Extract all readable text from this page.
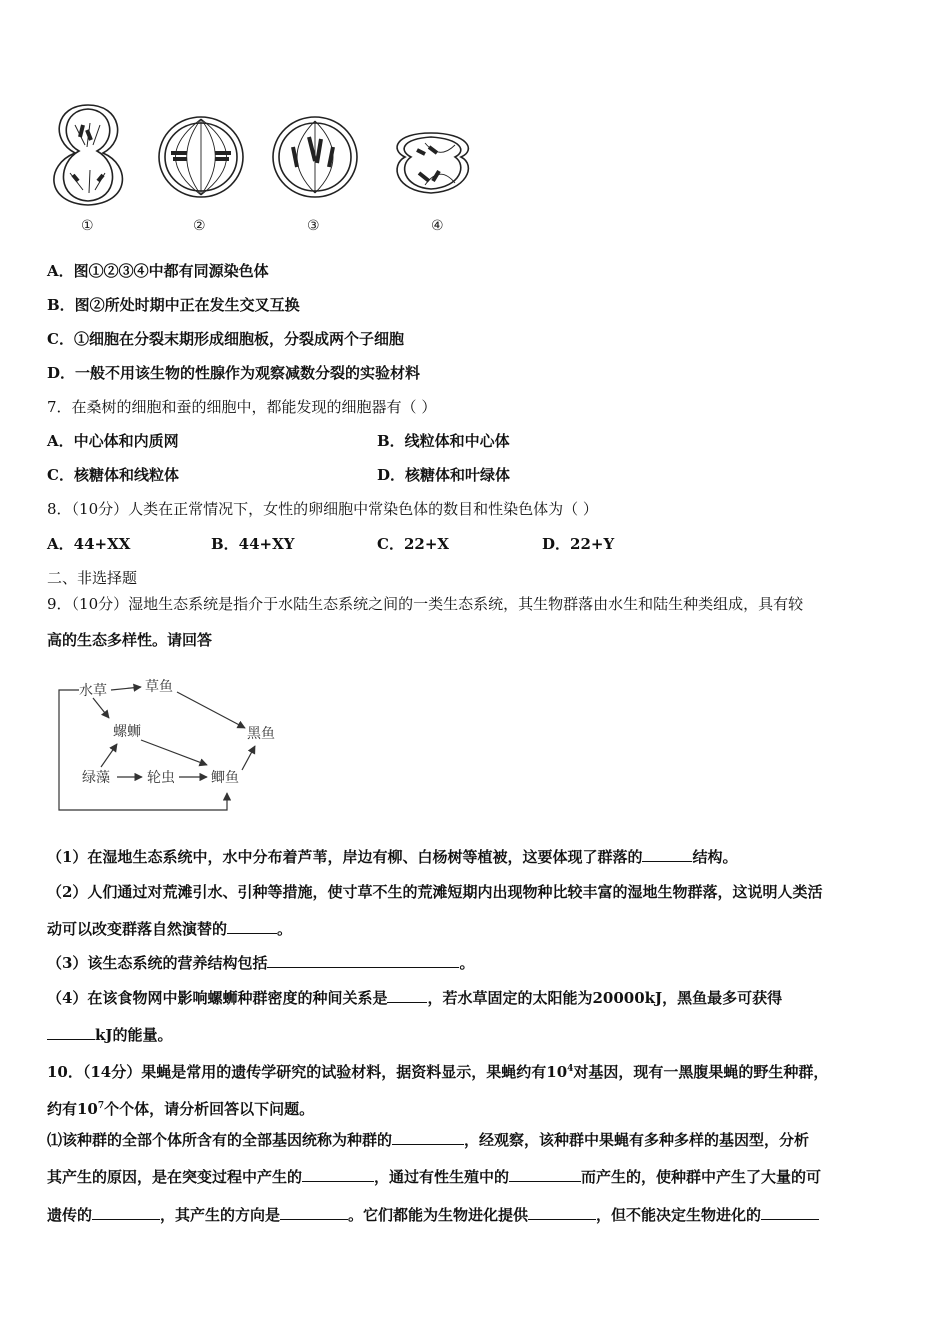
①	②	③	④
A．图①②③④中都有同源染色体
B．图②所处时期中正在发生交叉互换
C．①细胞在分裂末期形成细胞板，分裂成两个子细胞
D．一般不用该生物的性腺作为观察减数分裂的实验材料
7．在桑树的细胞和蚕的细胞中，都能发现的细胞器有（ ）
A．中心体和内质网	B．线粒体和中心体
C．核糖体和线粒体	D．核糖体和叶绿体
8．（10分）人类在正常情况下，女性的卵细胞中常染色体的数目和性染色体为（ ）
A．44+XX	B．44+XY	C．22+X	D．22+Y
二、非选择题
9．（10分）湿地生态系统是指介于水陆生态系统之间的一类生态系统，其生物群落由水生和陆生种类组成，具有较
高的生态多样性。请回答
水草	草鱼
螺蛳	黑鱼
绿藻	轮虫	鲫鱼
（1）在湿地生态系统中，水中分布着芦苇，岸边有柳、白杨树等植被，这要体现了群落的	结构。
（2）人们通过对荒滩引水、引种等措施，使寸草不生的荒滩短期内出现物种比较丰富的湿地生物群落，这说明人类活
动可以改变群落自然演替的	。
（3）该生态系统的营养结构包括	。
（4）在该食物网中影响螺蛳种群密度的种间关系是	，若水草固定的太阳能为20000kJ，黑鱼最多可获得
kJ的能量。
10．（14分）果蝇是常用的遗传学研究的试验材料，据资料显示，果蝇约有$10^4$对基因，现有一黑腹果蝇的野生种群，
约有$10^7$个个体，请分析回答以下问题。
⑴该种群的全部个体所含有的全部基因统称为种群的	，经观察，该种群中果蝇有多种多样的基因型，分析
其产生的原因，是在突变过程中产生的	，通过有性生殖中的	而产生的，使种群中产生了大量的可
遗传的	，其产生的方向是	。它们都能为生物进化提供	，但不能决定生物进化的
